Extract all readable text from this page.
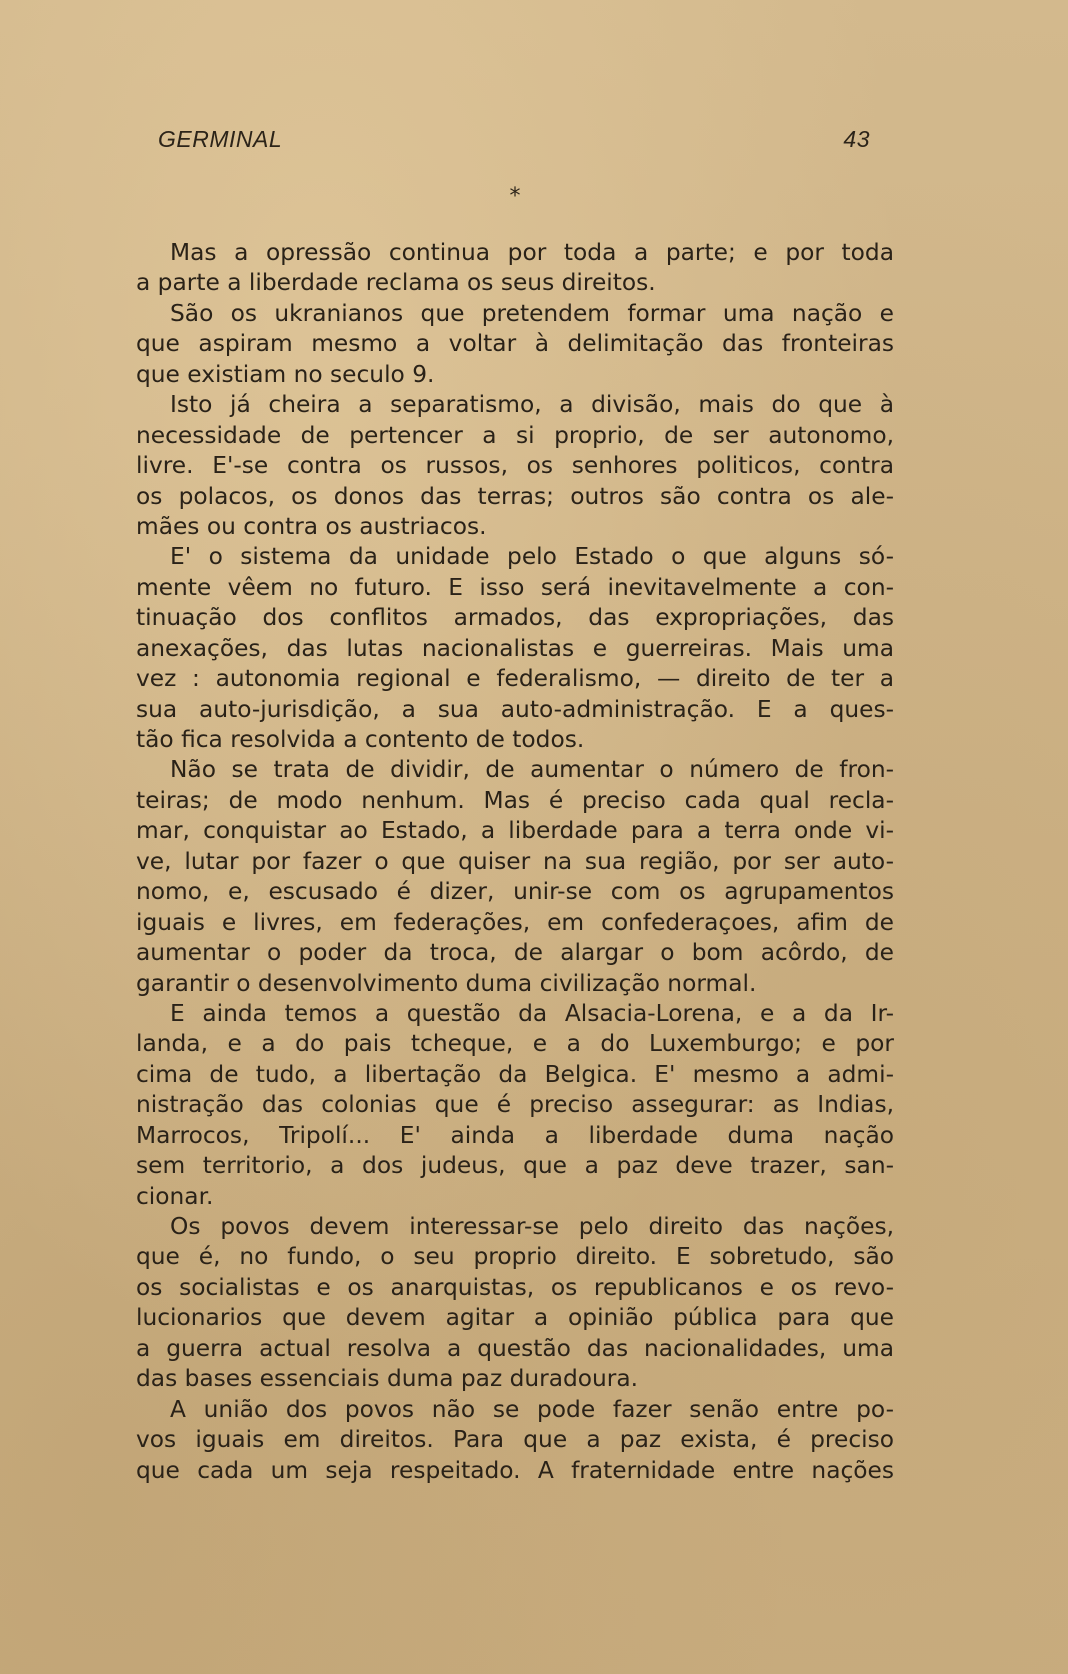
GERMINAL	43
*
Mas a opressão continua por toda a parte; e por toda
a parte a liberdade reclama os seus direitos.
São os ukranianos que pretendem formar uma nação e
que aspiram mesmo a voltar à delimitação das fronteiras
que existiam no seculo 9.
Isto já cheira a separatismo, a divisão, mais do que à
necessidade de pertencer a si proprio, de ser autonomo,
livre. E'-se contra os russos, os senhores politicos, contra
os polacos, os donos das terras; outros são contra os ale-
mães ou contra os austriacos.
E' o sistema da unidade pelo Estado o que alguns só-
mente vêem no futuro. E isso será inevitavelmente a con-
tinuação dos conflitos armados, das expropriações, das
anexações, das lutas nacionalistas e guerreiras. Mais uma
vez : autonomia regional e federalismo, — direito de ter a
sua auto-jurisdição, a sua auto-administração. E a ques-
tão fica resolvida a contento de todos.
Não se trata de dividir, de aumentar o número de fron-
teiras; de modo nenhum. Mas é preciso cada qual recla-
mar, conquistar ao Estado, a liberdade para a terra onde vi-
ve, lutar por fazer o que quiser na sua região, por ser auto-
nomo, e, escusado é dizer, unir-se com os agrupamentos
iguais e livres, em federações, em confederaçoes, afim de
aumentar o poder da troca, de alargar o bom acôrdo, de
garantir o desenvolvimento duma civilização normal.
E ainda temos a questão da Alsacia-Lorena, e a da Ir-
landa, e a do pais tcheque, e a do Luxemburgo; e por
cima de tudo, a libertação da Belgica. E' mesmo a admi-
nistração das colonias que é preciso assegurar: as Indias,
Marrocos, Tripolí... E' ainda a liberdade duma nação
sem territorio, a dos judeus, que a paz deve trazer, san-
cionar.
Os povos devem interessar-se pelo direito das nações,
que é, no fundo, o seu proprio direito. E sobretudo, são
os socialistas e os anarquistas, os republicanos e os revo-
lucionarios que devem agitar a opinião pública para que
a guerra actual resolva a questão das nacionalidades, uma
das bases essenciais duma paz duradoura.
A união dos povos não se pode fazer senão entre po-
vos iguais em direitos. Para que a paz exista, é preciso
que cada um seja respeitado. A fraternidade entre nações
